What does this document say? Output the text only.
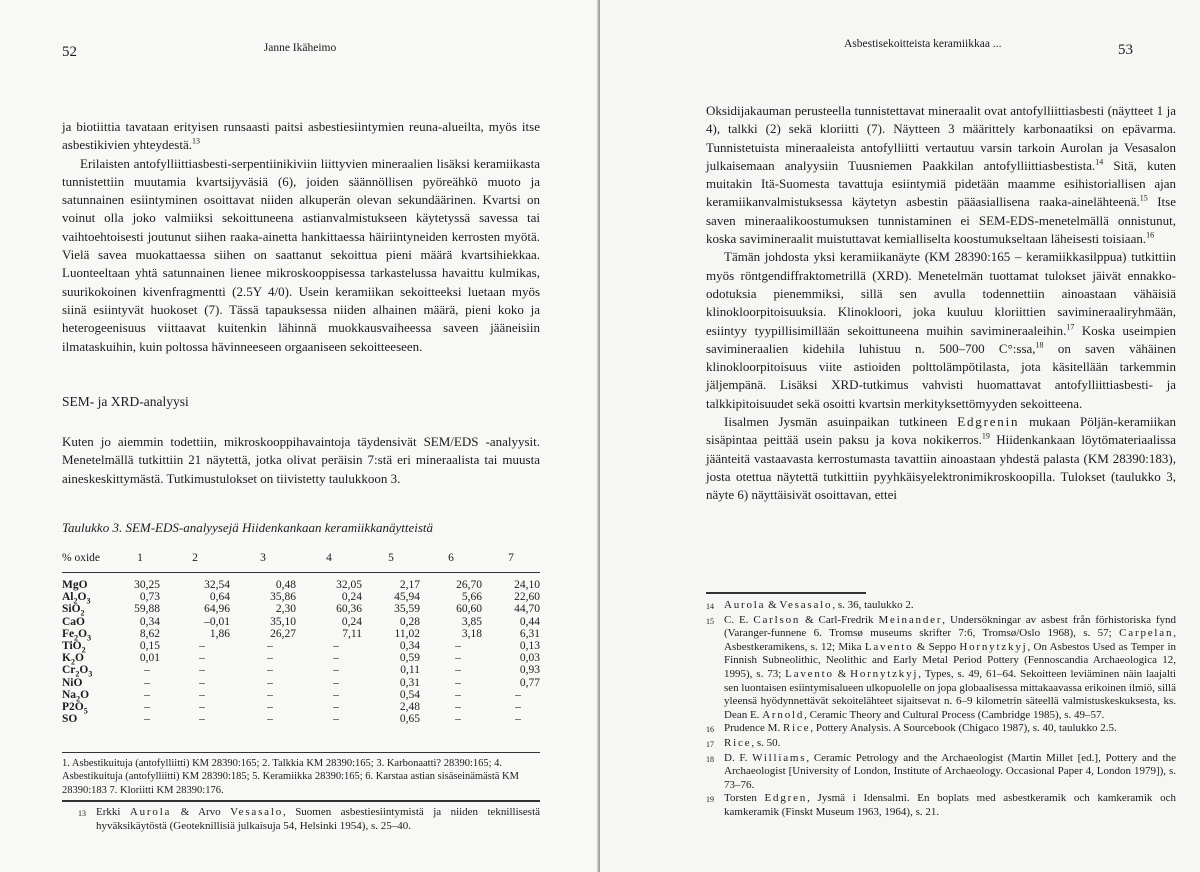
52	Janne Ikäheimo

ja biotiittia tavataan erityisen runsaasti paitsi asbestiesiintymien reuna-alueilta, myös itse asbestikivien yhteydestä.$^{13}$

Erilaisten antofylliittiasbesti-serpentiinikiviin liittyvien mineraalien lisäksi keramiikasta tunnistettiin muutamia kvartsijyväsiä (6), joiden säännöllisen pyöreähkö muoto ja satunnainen esiintyminen osoittavat niiden alkuperän olevan sekundäärinen. Kvartsi on voinut olla joko valmiiksi sekoittuneena astianvalmistukseen käytetyssä savessa tai vaihtoehtoisesti joutunut siihen raaka-ainetta hankittaessa häiriintyneiden kerrosten myötä. Vielä savea muokattaessa siihen on saattanut sekoittua pieni määrä kvartsihiekkaa. Luonteeltaan yhtä satunnainen lienee mikroskooppisessa tarkastelussa havaittu kulmikas, suurikokoinen kivenfragmentti (2.5Y 4/0). Usein keramiikan sekoitteeksi luetaan myös siinä esiintyvät huokoset (7). Tässä tapauksessa niiden alhainen määrä, pieni koko ja heterogeenisuus viittaavat kuitenkin lähinnä muokkausvaiheessa saveen jääneisiin ilmataskuihin, kuin poltossa hävinneeseen orgaaniseen sekoitteeseen.

SEM- ja XRD-analyysi

Kuten jo aiemmin todettiin, mikroskooppihavaintoja täydensivät SEM/EDS -analyysit. Menetelmällä tutkittiin 21 näytettä, jotka olivat peräisin 7:stä eri mineraalista tai muusta aineskeskittymästä. Tutkimustulokset on tiivistetty taulukkoon 3.

Taulukko 3. SEM-EDS-analyysejä Hiidenkankaan keramiikkanäytteistä
% oxide	1	2	3	4	5	6	7
MgO	30,25	32,54	0,48	32,05	2,17	26,70	24,10
$Al_2O_3$	0,73	0,64	35,86	0,24	45,94	5,66	22,60
SiO$_2$	59,88	64,96	2,30	60,36	35,59	60,60	44,70
CaO	0,34	–0,01	35,10	0,24	0,28	3,85	0,44
$Fe_2O_3$	8,62	1,86	26,27	7,11	11,02	3,18	6,31
TiO$_2$	0,15	–	–	–	0,34	–	0,13
$K_2O$	0,01	–	–	–	0,59	–	0,03
$Cr_2O_3$	–	–	–	–	0,11	–	0,93
NiO	–	–	–	–	0,31	–	0,77
$Na_2O$	–	–	–	–	0,54	–	–
$P2O_5$	–	–	–	–	2,48	–	–
SO	–	–	–	–	0,65	–	–
1. Asbestikuituja (antofylliitti) KM 28390:165; 2. Talkkia KM 28390:165; 3. Karbonaatti? 28390:165; 4. Asbestikuituja (antofylliitti) KM 28390:185; 5. Keramiikka 28390:165; 6. Karstaa astian sisäseinämästä KM 28390:183 7. Kloriitti KM 28390:176.
13 Erkki Aurola & Arvo Vesasalo, Suomen asbestiesiintymistä ja niiden teknillisestä hyväksikäytöstä (Geoteknillisiä julkaisuja 54, Helsinki 1954), s. 25–40.
Asbestisekoitteista keramiikkaa ...	53

Oksidijakauman perusteella tunnistettavat mineraalit ovat antofylliittiasbesti (näytteet 1 ja 4), talkki (2) sekä kloriitti (7). Näytteen 3 määrittely karbonaatiksi on epävarma. Tunnistetuista mineraaleista antofylliitti vertautuu varsin tarkoin Aurolan ja Vesasalon julkaisemaan analyysiin Tuusniemen Paakkilan antofylliittiasbestista.$^{14}$ Sitä, kuten muitakin Itä-Suomesta tavattuja esiintymiä pidetään maamme esihistoriallisen ajan keramiikanvalmistuksessa käytetyn asbestin pääasiallisena raaka-ainelähteenä.$^{15}$ Itse saven mineraalikoostumuksen tunnistaminen ei SEM-EDS-menetelmällä onnistunut, koska savimineraalit muistuttavat kemialliselta koostumukseltaan läheisesti toisiaan.$^{16}$

Tämän johdosta yksi keramiikanäyte (KM 28390:165 – keramiikkasilppua) tutkittiin myös röntgendiffraktometrillä (XRD). Menetelmän tuottamat tulokset jäivät ennakko-odotuksia pienemmiksi, sillä sen avulla todennettiin ainoastaan vähäisiä klinokloorpitoisuuksia. Klinokloori, joka kuuluu kloriittien savimineraaliryhmään, esiintyy tyypillisimillään sekoittuneena muihin savimineraaleihin.$^{17}$ Koska useimpien savimineraalien kidehila luhistuu n. 500–700 C°:ssa,$^{18}$ on saven vähäinen klinokloorpitoisuus viite astioiden polttolämpötilasta, jota käsitellään tarkemmin jäljempänä. Lisäksi XRD-tutkimus vahvisti huomattavat antofylliittiasbesti- ja talkkipitoisuudet sekä osoitti kvartsin merkityksettömyyden sekoitteena.

Iisalmen Jysmän asuinpaikan tutkineen Edgrenin mukaan Pöljän-keramiikan sisäpintaa peittää usein paksu ja kova nokikerros.$^{19}$ Hiidenkankaan löytömateriaalissa jäänteitä vastaavasta kerrostumasta tavattiin ainoastaan yhdestä palasta (KM 28390:183), josta otettua näytettä tutkittiin pyyhkäisyelektronimikroskoopilla. Tulokset (taulukko 3, näyte 6) näyttäisivät osoittavan, ettei

14 Aurola & Vesasalo, s. 36, taulukko 2.
15 C. E. Carlson & Carl-Fredrik Meinander, Undersökningar av asbest från förhistoriska fynd (Varanger-funnene 6. Tromsø museums skrifter 7:6, Tromsø/Oslo 1968), s. 57; Carpelan, Asbestkeramikens, s. 12; Mika Lavento & Seppo Hornytzkyj, On Asbestos Used as Temper in Finnish Subneolithic, Neolithic and Early Metal Period Pottery (Fennoscandia Archaeologica 12, 1995), s. 73; Lavento & Hornytzkyj, Types, s. 49, 61–64. Sekoitteen leviäminen näin laajalti sen luontaisen esiintymisalueen ulkopuolelle on jopa globaalisessa mittakaavassa erikoinen ilmiö, sillä yleensä hyödynnettävät sekoitelähteet sijaitsevat n. 6–9 kilometrin säteellä valmistuskeskuksesta, ks. Dean E. Arnold, Ceramic Theory and Cultural Process (Cambridge 1985), s. 49–57.
16 Prudence M. Rice, Pottery Analysis. A Sourcebook (Chigaco 1987), s. 40, taulukko 2.5.
17 Rice, s. 50.
18 D. F. Williams, Ceramic Petrology and the Archaeologist (Martin Millet [ed.], Pottery and the Archaeologist [University of London, Institute of Archaeology. Occasional Paper 4, London 1979]), s. 73–76.
19 Torsten Edgren, Jysmä i Idensalmi. En boplats med asbestkeramik och kamkeramik och kamkeramik (Finskt Museum 1963, 1964), s. 21.
